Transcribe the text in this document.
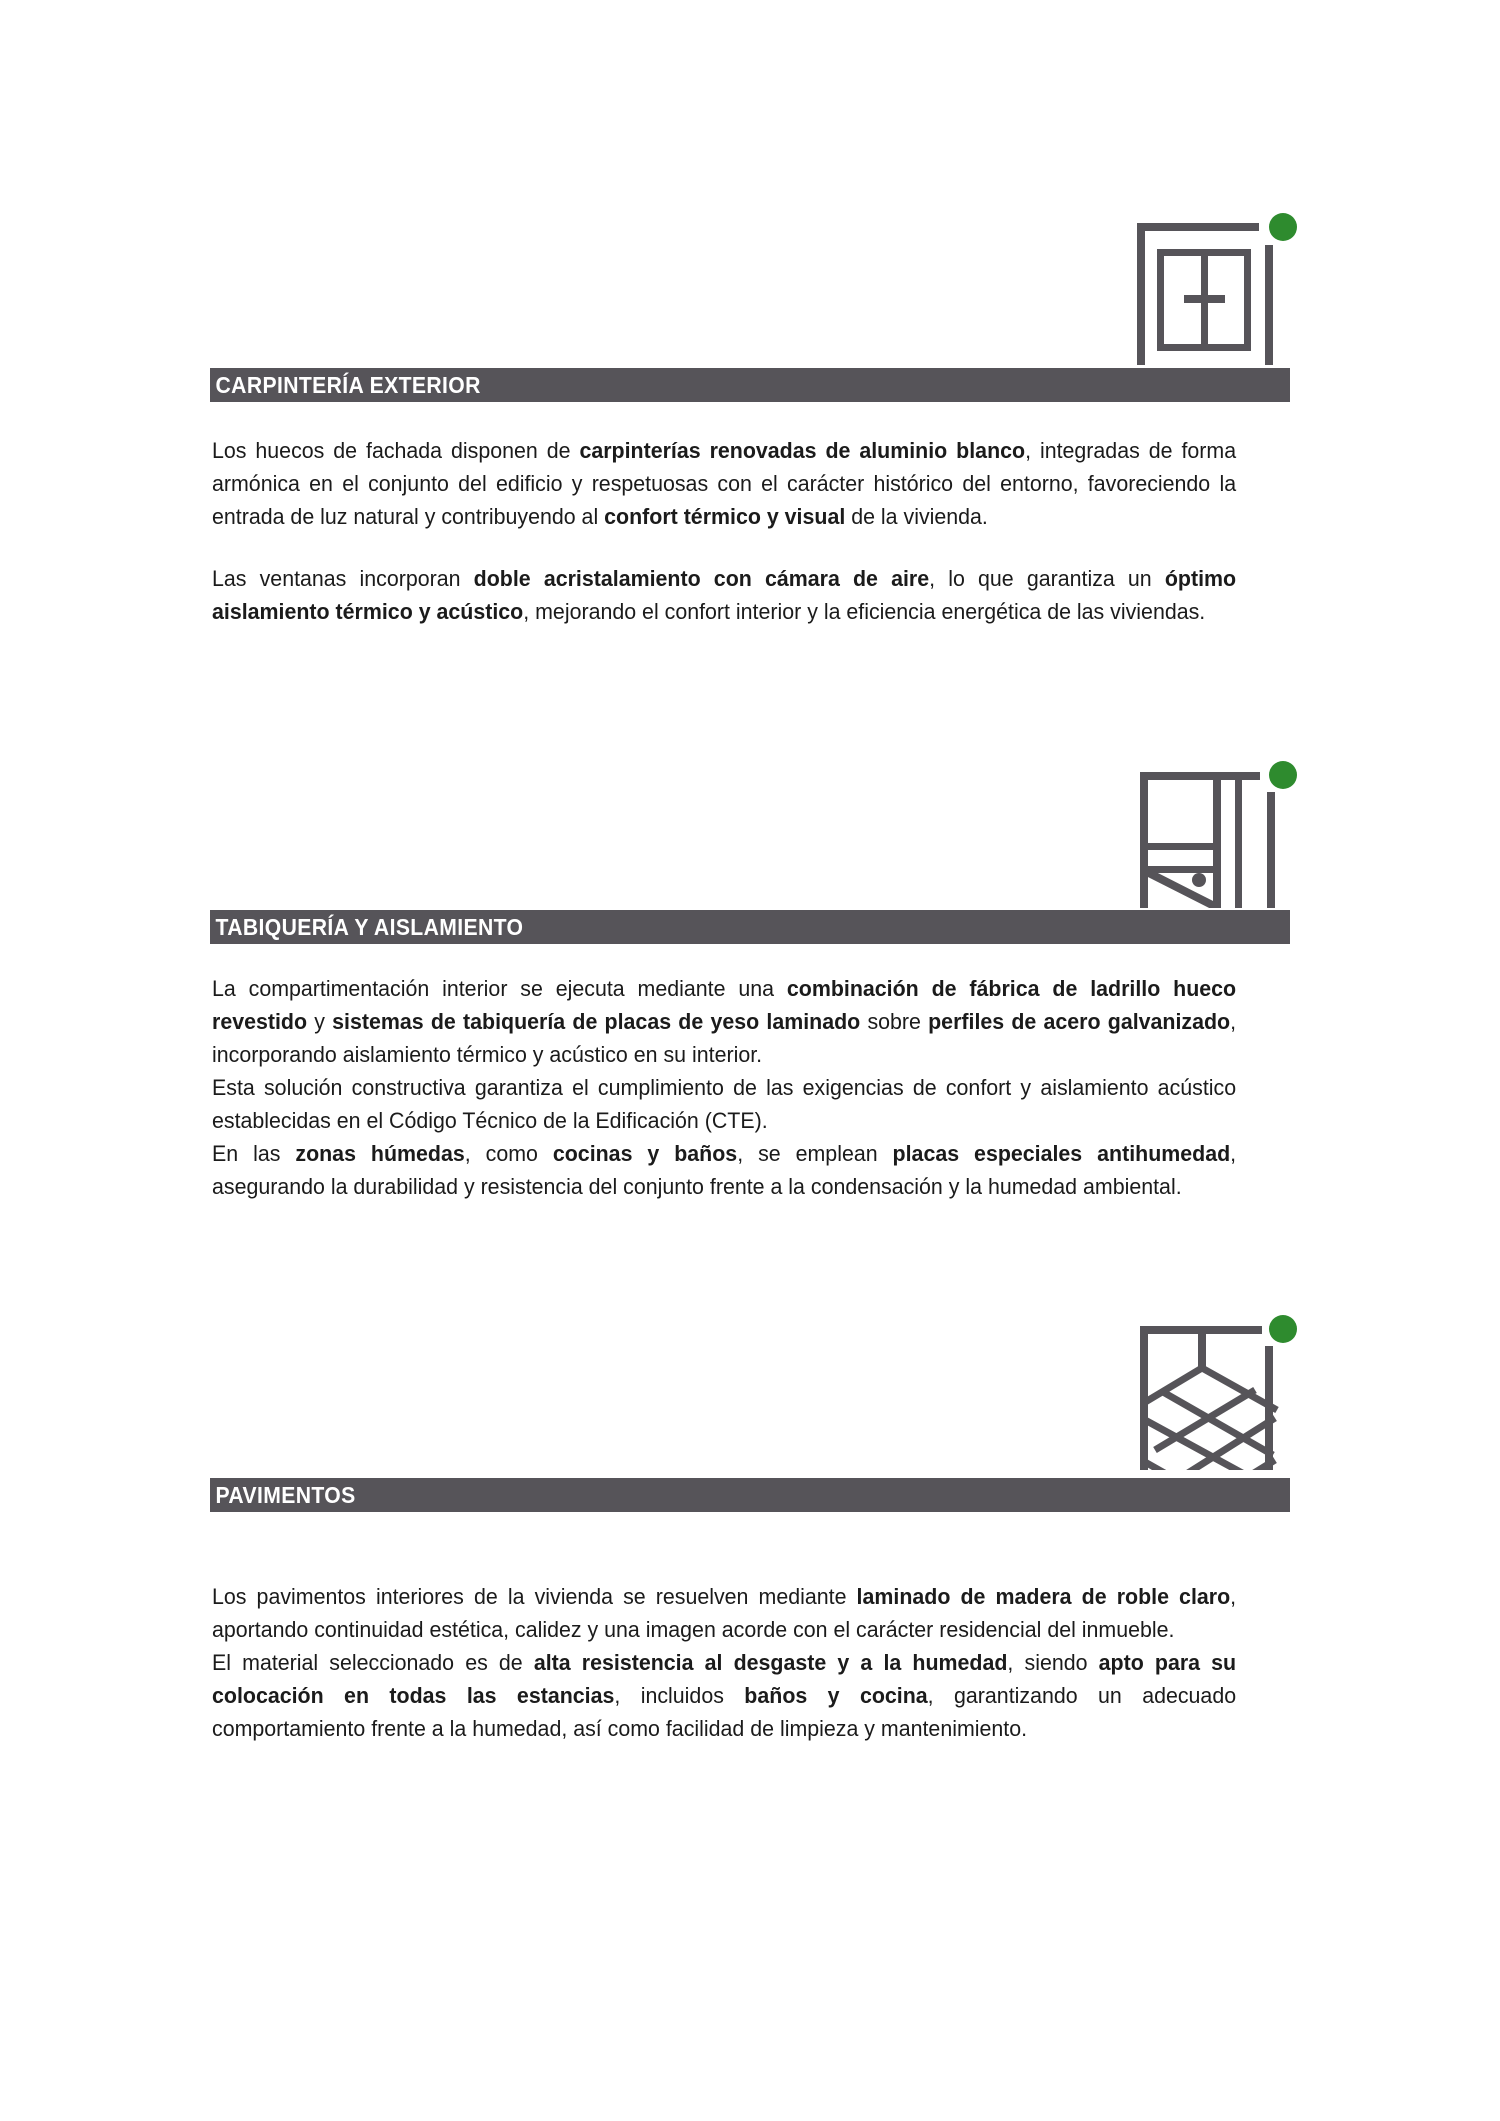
CARPINTERÍA EXTERIOR

Los huecos de fachada disponen de carpinterías renovadas de aluminio blanco, integradas de forma armónica en el conjunto del edificio y respetuosas con el carácter histórico del entorno, favoreciendo la entrada de luz natural y contribuyendo al confort térmico y visual de la vivienda.

Las ventanas incorporan doble acristalamiento con cámara de aire, lo que garantiza un óptimo aislamiento térmico y acústico, mejorando el confort interior y la eficiencia energética de las viviendas.

TABIQUERÍA Y AISLAMIENTO

La compartimentación interior se ejecuta mediante una combinación de fábrica de ladrillo hueco revestido y sistemas de tabiquería de placas de yeso laminado sobre perfiles de acero galvanizado, incorporando aislamiento térmico y acústico en su interior.

Esta solución constructiva garantiza el cumplimiento de las exigencias de confort y aislamiento acústico establecidas en el Código Técnico de la Edificación (CTE).

En las zonas húmedas, como cocinas y baños, se emplean placas especiales antihumedad, asegurando la durabilidad y resistencia del conjunto frente a la condensación y la humedad ambiental.

PAVIMENTOS

Los pavimentos interiores de la vivienda se resuelven mediante laminado de madera de roble claro, aportando continuidad estética, calidez y una imagen acorde con el carácter residencial del inmueble.

El material seleccionado es de alta resistencia al desgaste y a la humedad, siendo apto para su colocación en todas las estancias, incluidos baños y cocina, garantizando un adecuado comportamiento frente a la humedad, así como facilidad de limpieza y mantenimiento.
